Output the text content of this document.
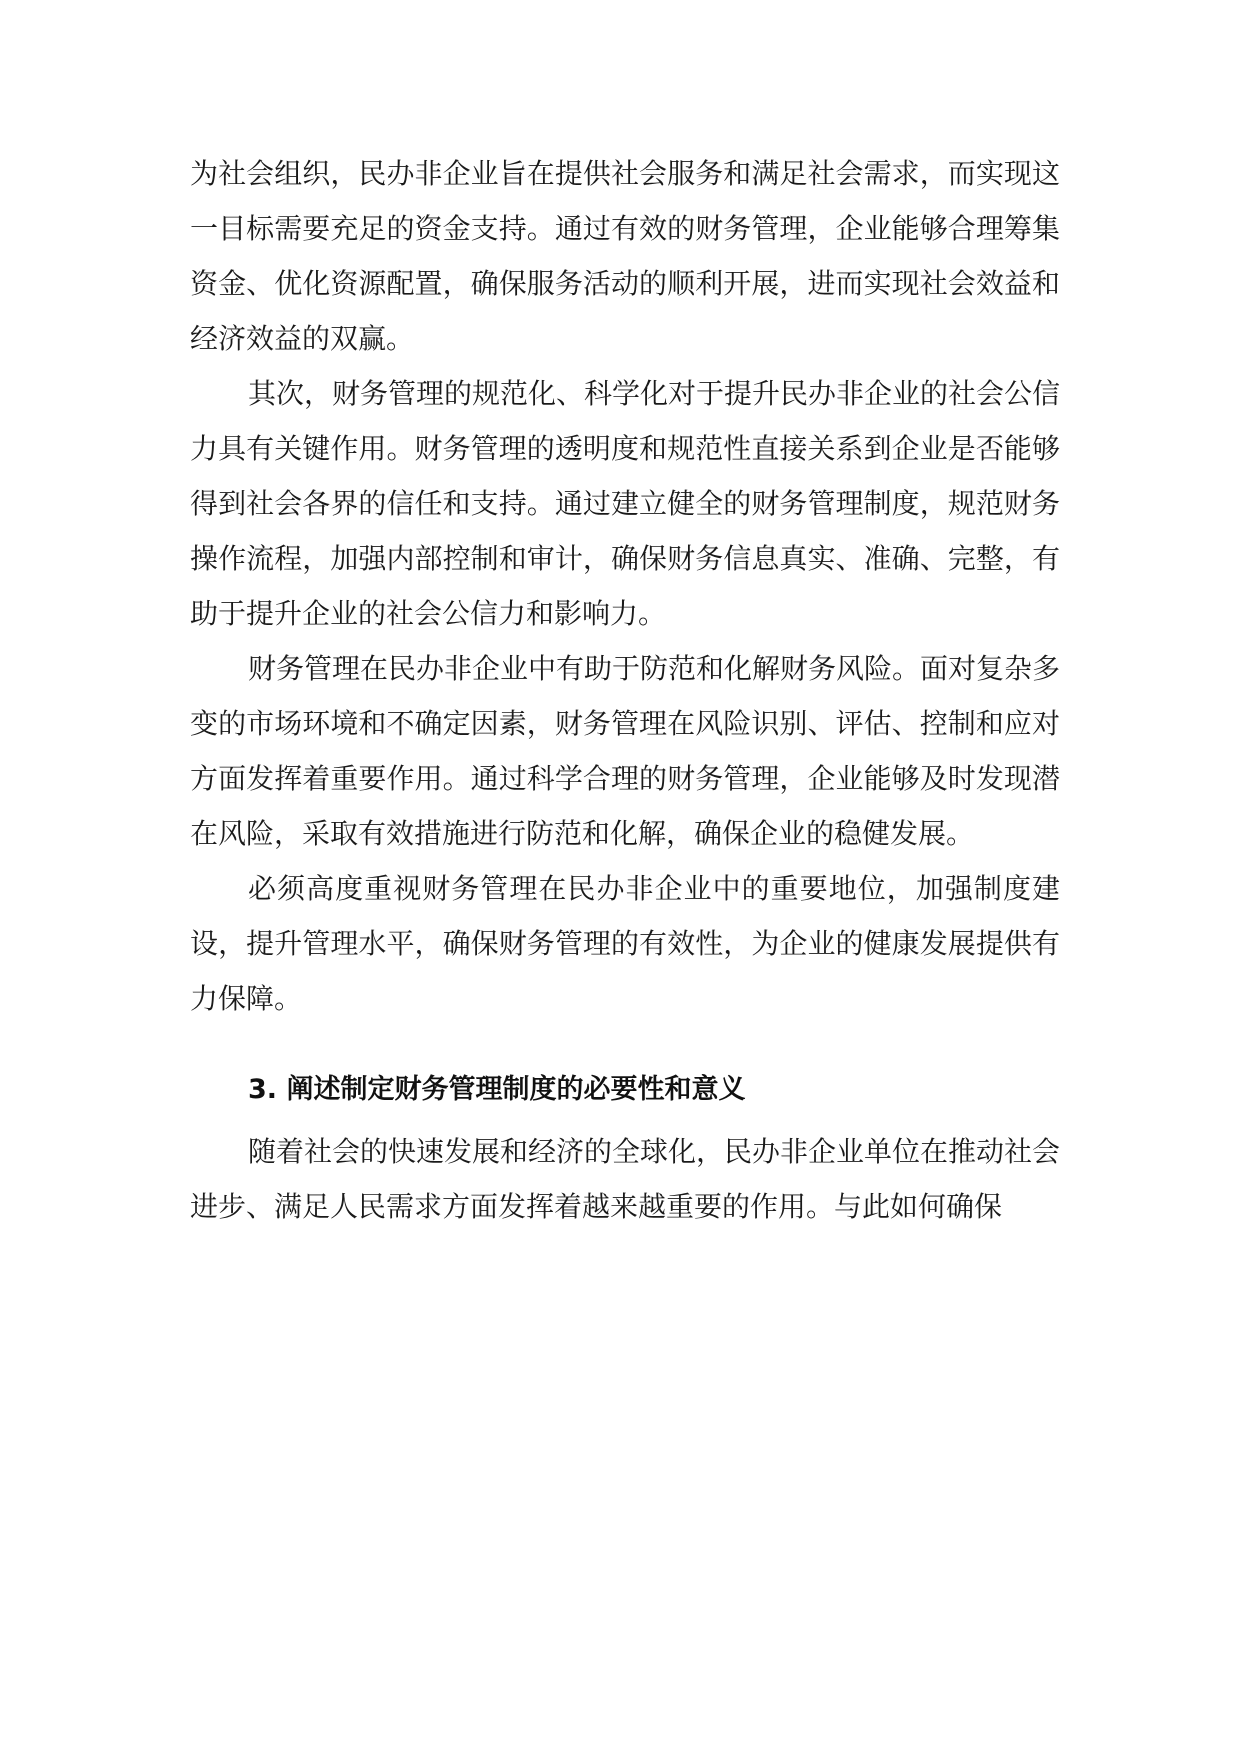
为社会组织，民办非企业旨在提供社会服务和满足社会需求，而实现这一目标需要充足的资金支持。通过有效的财务管理，企业能够合理筹集资金、优化资源配置，确保服务活动的顺利开展，进而实现社会效益和经济效益的双赢。

其次，财务管理的规范化、科学化对于提升民办非企业的社会公信力具有关键作用。财务管理的透明度和规范性直接关系到企业是否能够得到社会各界的信任和支持。通过建立健全的财务管理制度，规范财务操作流程，加强内部控制和审计，确保财务信息真实、准确、完整，有助于提升企业的社会公信力和影响力。

财务管理在民办非企业中有助于防范和化解财务风险。面对复杂多变的市场环境和不确定因素，财务管理在风险识别、评估、控制和应对方面发挥着重要作用。通过科学合理的财务管理，企业能够及时发现潜在风险，采取有效措施进行防范和化解，确保企业的稳健发展。

必须高度重视财务管理在民办非企业中的重要地位，加强制度建设，提升管理水平，确保财务管理的有效性，为企业的健康发展提供有力保障。

3. 阐述制定财务管理制度的必要性和意义

随着社会的快速发展和经济的全球化，民办非企业单位在推动社会进步、满足人民需求方面发挥着越来越重要的作用。与此如何确保
